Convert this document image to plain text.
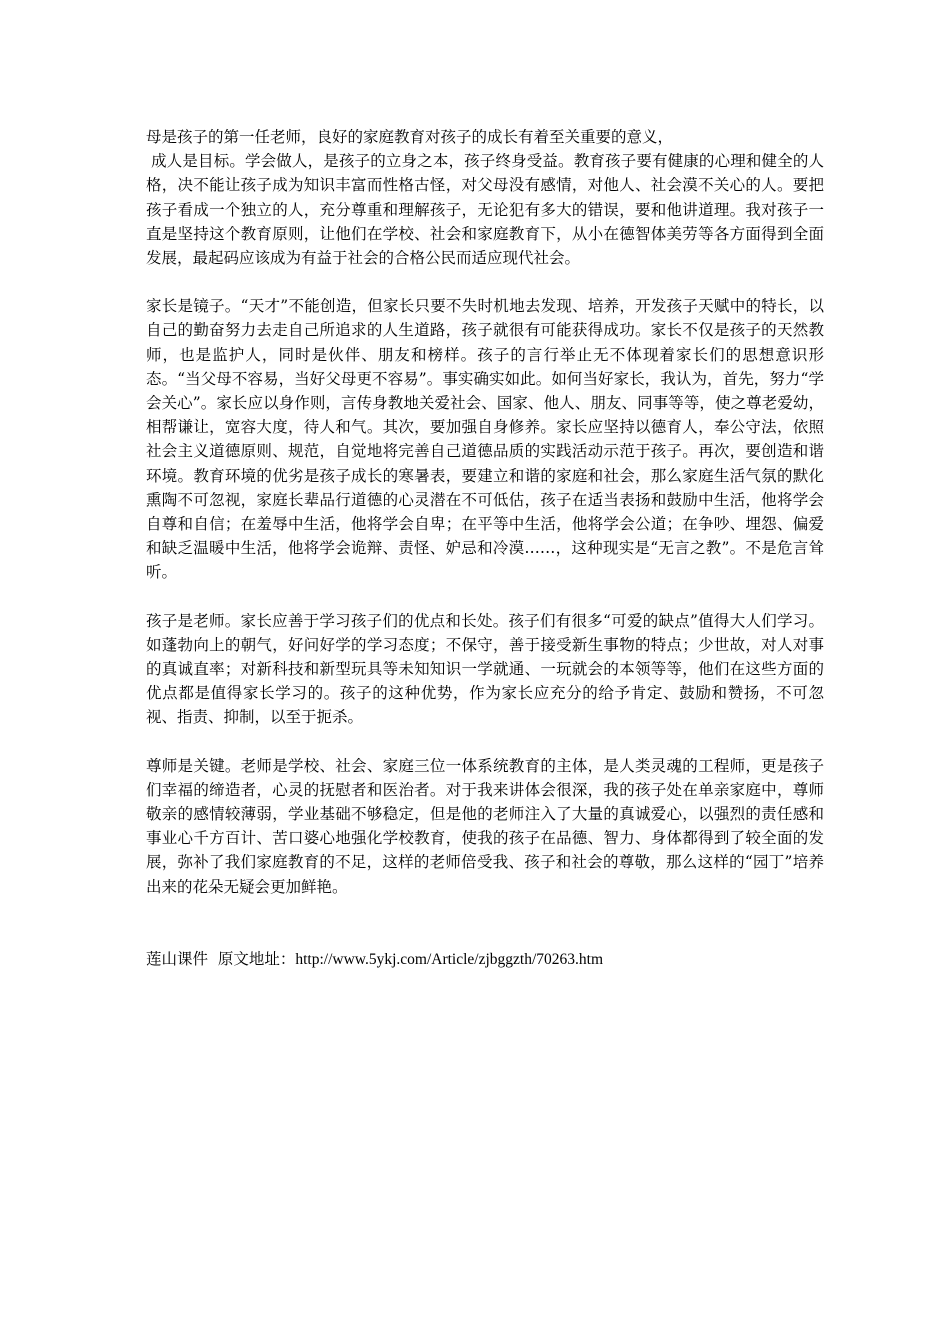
母是孩子的第一任老师，良好的家庭教育对孩子的成长有着至关重要的意义，

成人是目标。学会做人，是孩子的立身之本，孩子终身受益。教育孩子要有健康的心理和健全的人格，决不能让孩子成为知识丰富而性格古怪，对父母没有感情，对他人、社会漠不关心的人。要把孩子看成一个独立的人，充分尊重和理解孩子，无论犯有多大的错误，要和他讲道理。我对孩子一直是坚持这个教育原则，让他们在学校、社会和家庭教育下，从小在德智体美劳等各方面得到全面发展，最起码应该成为有益于社会的合格公民而适应现代社会。

家长是镜子。“天才”不能创造，但家长只要不失时机地去发现、培养，开发孩子天赋中的特长，以自己的勤奋努力去走自己所追求的人生道路，孩子就很有可能获得成功。家长不仅是孩子的天然教师，也是监护人，同时是伙伴、朋友和榜样。孩子的言行举止无不体现着家长们的思想意识形态。“当父母不容易，当好父母更不容易”。事实确实如此。如何当好家长，我认为，首先，努力“学会关心”。家长应以身作则，言传身教地关爱社会、国家、他人、朋友、同事等等，使之尊老爱幼，相帮谦让，宽容大度，待人和气。其次，要加强自身修养。家长应坚持以德育人，奉公守法，依照社会主义道德原则、规范，自觉地将完善自己道德品质的实践活动示范于孩子。再次，要创造和谐环境。教育环境的优劣是孩子成长的寒暑表，要建立和谐的家庭和社会，那么家庭生活气氛的默化熏陶不可忽视，家庭长辈品行道德的心灵潜在不可低估，孩子在适当表扬和鼓励中生活，他将学会自尊和自信；在羞辱中生活，他将学会自卑；在平等中生活，他将学会公道；在争吵、埋怨、偏爱和缺乏温暖中生活，他将学会诡辩、责怪、妒忌和冷漠……，这种现实是“无言之教”。不是危言耸听。

孩子是老师。家长应善于学习孩子们的优点和长处。孩子们有很多“可爱的缺点”值得大人们学习。如蓬勃向上的朝气，好问好学的学习态度；不保守，善于接受新生事物的特点；少世故，对人对事的真诚直率；对新科技和新型玩具等未知知识一学就通、一玩就会的本领等等，他们在这些方面的优点都是值得家长学习的。孩子的这种优势，作为家长应充分的给予肯定、鼓励和赞扬，不可忽视、指责、抑制，以至于扼杀。

尊师是关键。老师是学校、社会、家庭三位一体系统教育的主体，是人类灵魂的工程师，更是孩子们幸福的缔造者，心灵的抚慰者和医治者。对于我来讲体会很深，我的孩子处在单亲家庭中，尊师敬亲的感情较薄弱，学业基础不够稳定，但是他的老师注入了大量的真诚爱心，以强烈的责任感和事业心千方百计、苦口婆心地强化学校教育，使我的孩子在品德、智力、身体都得到了较全面的发展，弥补了我们家庭教育的不足，这样的老师倍受我、孩子和社会的尊敬，那么这样的“园丁”培养出来的花朵无疑会更加鲜艳。

莲山课件  原文地址：http://www.5ykj.com/Article/zjbggzth/70263.htm
